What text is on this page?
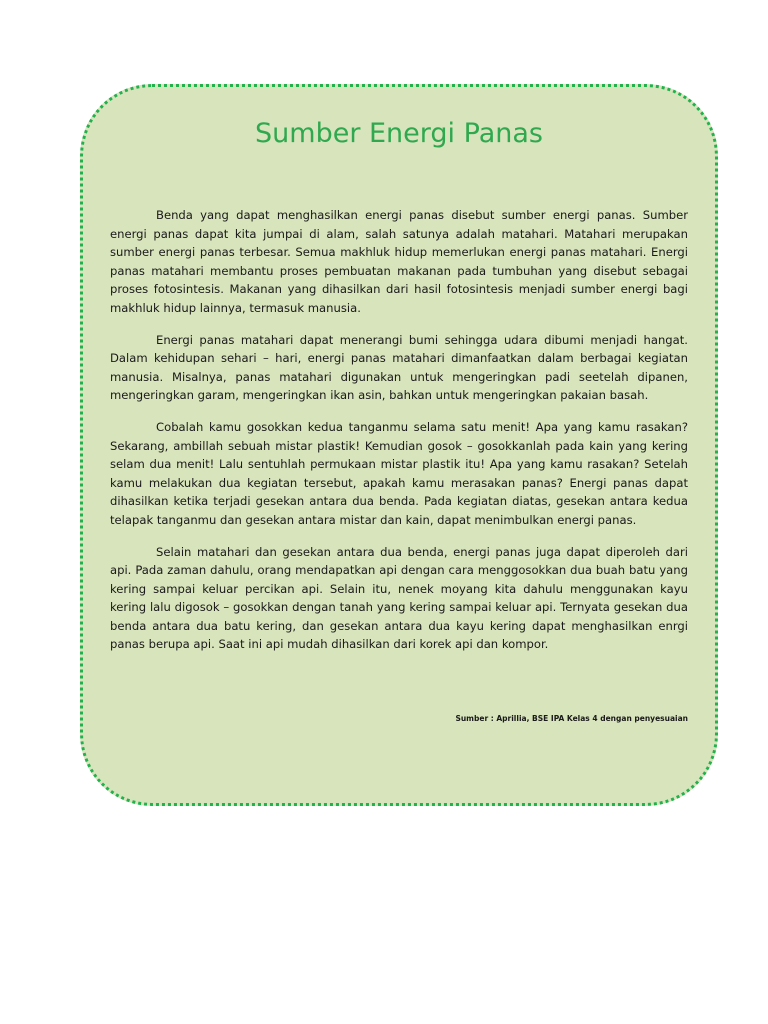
Sumber Energi Panas

Benda yang dapat menghasilkan energi panas disebut sumber energi panas. Sumber energi panas dapat kita jumpai di alam, salah satunya adalah matahari. Matahari merupakan sumber energi panas terbesar. Semua makhluk hidup memerlukan energi panas matahari. Energi panas matahari membantu proses pembuatan makanan pada tumbuhan yang disebut sebagai proses fotosintesis. Makanan yang dihasilkan dari hasil fotosintesis menjadi sumber energi bagi makhluk hidup lainnya, termasuk manusia.

Energi panas matahari dapat menerangi bumi sehingga udara dibumi menjadi hangat. Dalam kehidupan sehari – hari, energi panas matahari dimanfaatkan dalam berbagai kegiatan manusia. Misalnya, panas matahari digunakan untuk mengeringkan padi seetelah dipanen, mengeringkan garam, mengeringkan ikan asin, bahkan untuk mengeringkan pakaian basah.

Cobalah kamu gosokkan kedua tanganmu selama satu menit! Apa yang kamu rasakan? Sekarang, ambillah sebuah mistar plastik! Kemudian gosok – gosokkanlah pada kain yang kering selam dua menit! Lalu sentuhlah permukaan mistar plastik itu! Apa yang kamu rasakan? Setelah kamu melakukan dua kegiatan tersebut, apakah kamu merasakan panas? Energi panas dapat dihasilkan ketika terjadi gesekan antara dua benda. Pada kegiatan diatas, gesekan antara kedua telapak tanganmu dan gesekan antara mistar dan kain, dapat menimbulkan energi panas.

Selain matahari dan gesekan antara dua benda, energi panas juga dapat diperoleh dari api. Pada zaman dahulu, orang mendapatkan api dengan cara menggosokkan dua buah batu yang kering sampai keluar percikan api. Selain itu, nenek moyang kita dahulu menggunakan kayu kering lalu digosok – gosokkan dengan tanah yang kering sampai keluar api. Ternyata gesekan dua benda antara dua batu kering, dan gesekan antara dua kayu kering dapat menghasilkan enrgi panas berupa api. Saat ini api mudah dihasilkan dari korek api dan kompor.

Sumber : Aprillia, BSE IPA Kelas 4 dengan penyesuaian
